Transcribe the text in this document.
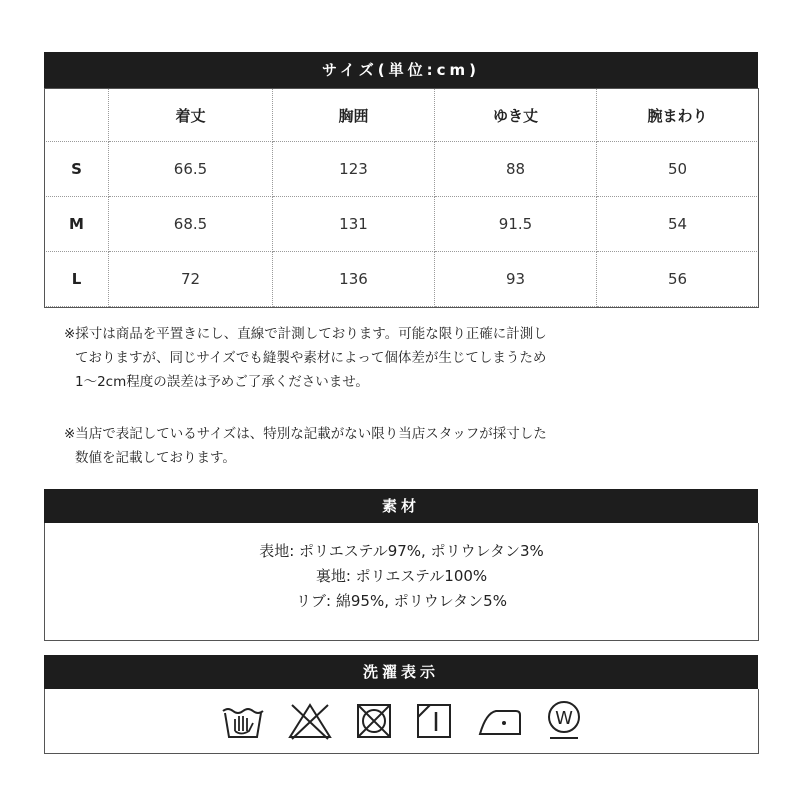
サイズ(単位:cm)
	着丈	胸囲	ゆき丈	腕まわり
S	66.5	123	88	50
M	68.5	131	91.5	54
L	72	136	93	56
※採寸は商品を平置きにし、直線で計測しております。可能な限り正確に計測し
ておりますが、同じサイズでも縫製や素材によって個体差が生じてしまうため
1～2cm程度の誤差は予めご了承くださいませ。
※当店で表記しているサイズは、特別な記載がない限り当店スタッフが採寸した
数値を記載しております。
素材
表地: ポリエステル97%, ポリウレタン3%
裏地: ポリエステル100%
リブ: 綿95%, ポリウレタン5%
洗濯表示
W
